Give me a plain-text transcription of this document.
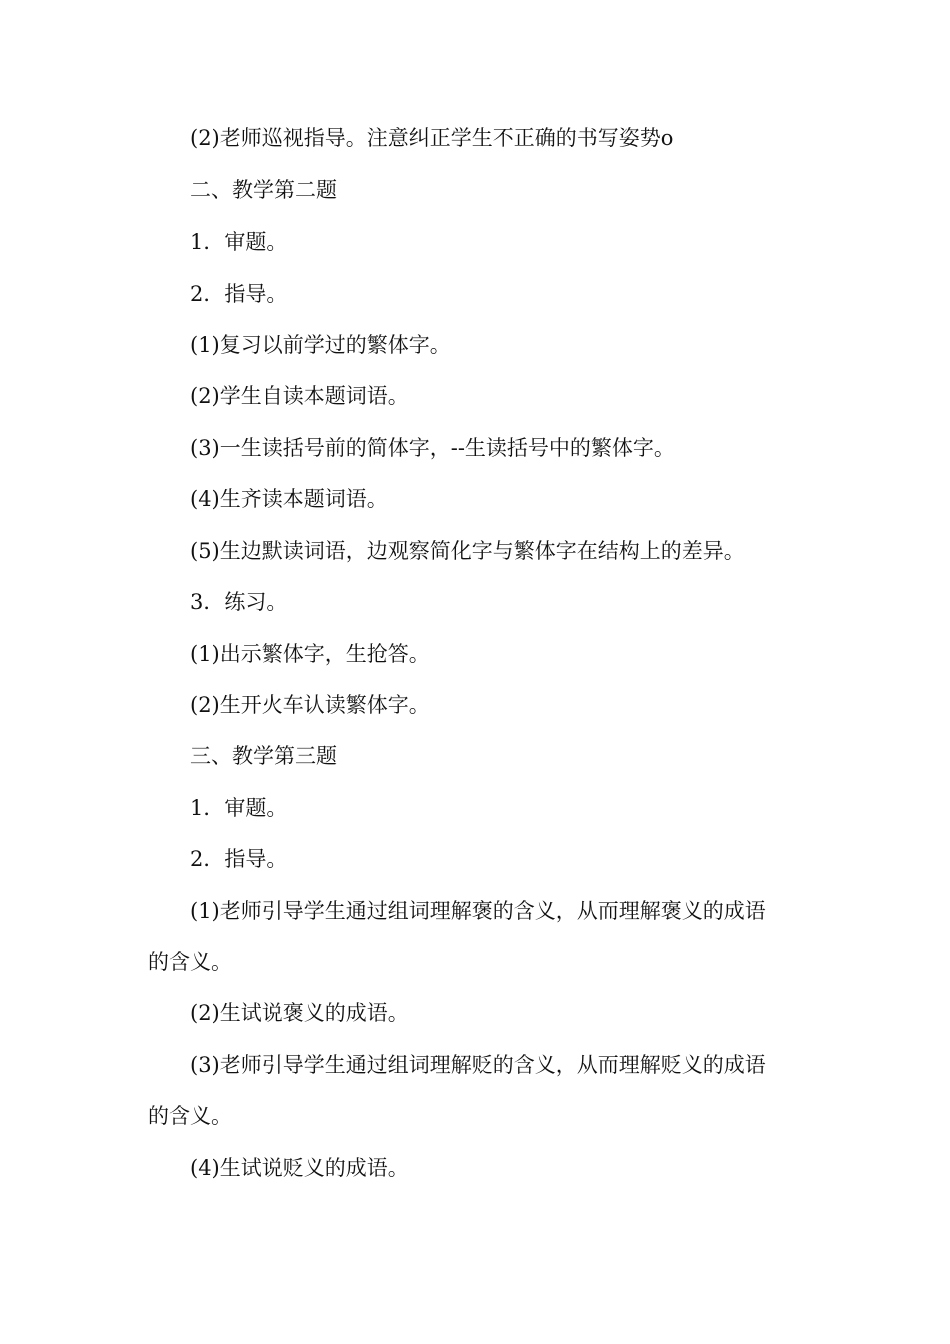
(2)老师巡视指导。注意纠正学生不正确的书写姿势o
二、教学第二题
1．审题。
2．指导。
(1)复习以前学过的繁体字。
(2)学生自读本题词语。
(3)一生读括号前的简体字，--生读括号中的繁体字。
(4)生齐读本题词语。
(5)生边默读词语，边观察简化字与繁体字在结构上的差异。
3．练习。
(1)出示繁体字，生抢答。
(2)生开火车认读繁体字。
三、教学第三题
1．审题。
2．指导。
(1)老师引导学生通过组词理解褒的含义，从而理解褒义的成语
的含义。
(2)生试说褒义的成语。
(3)老师引导学生通过组词理解贬的含义，从而理解贬义的成语
的含义。
(4)生试说贬义的成语。
